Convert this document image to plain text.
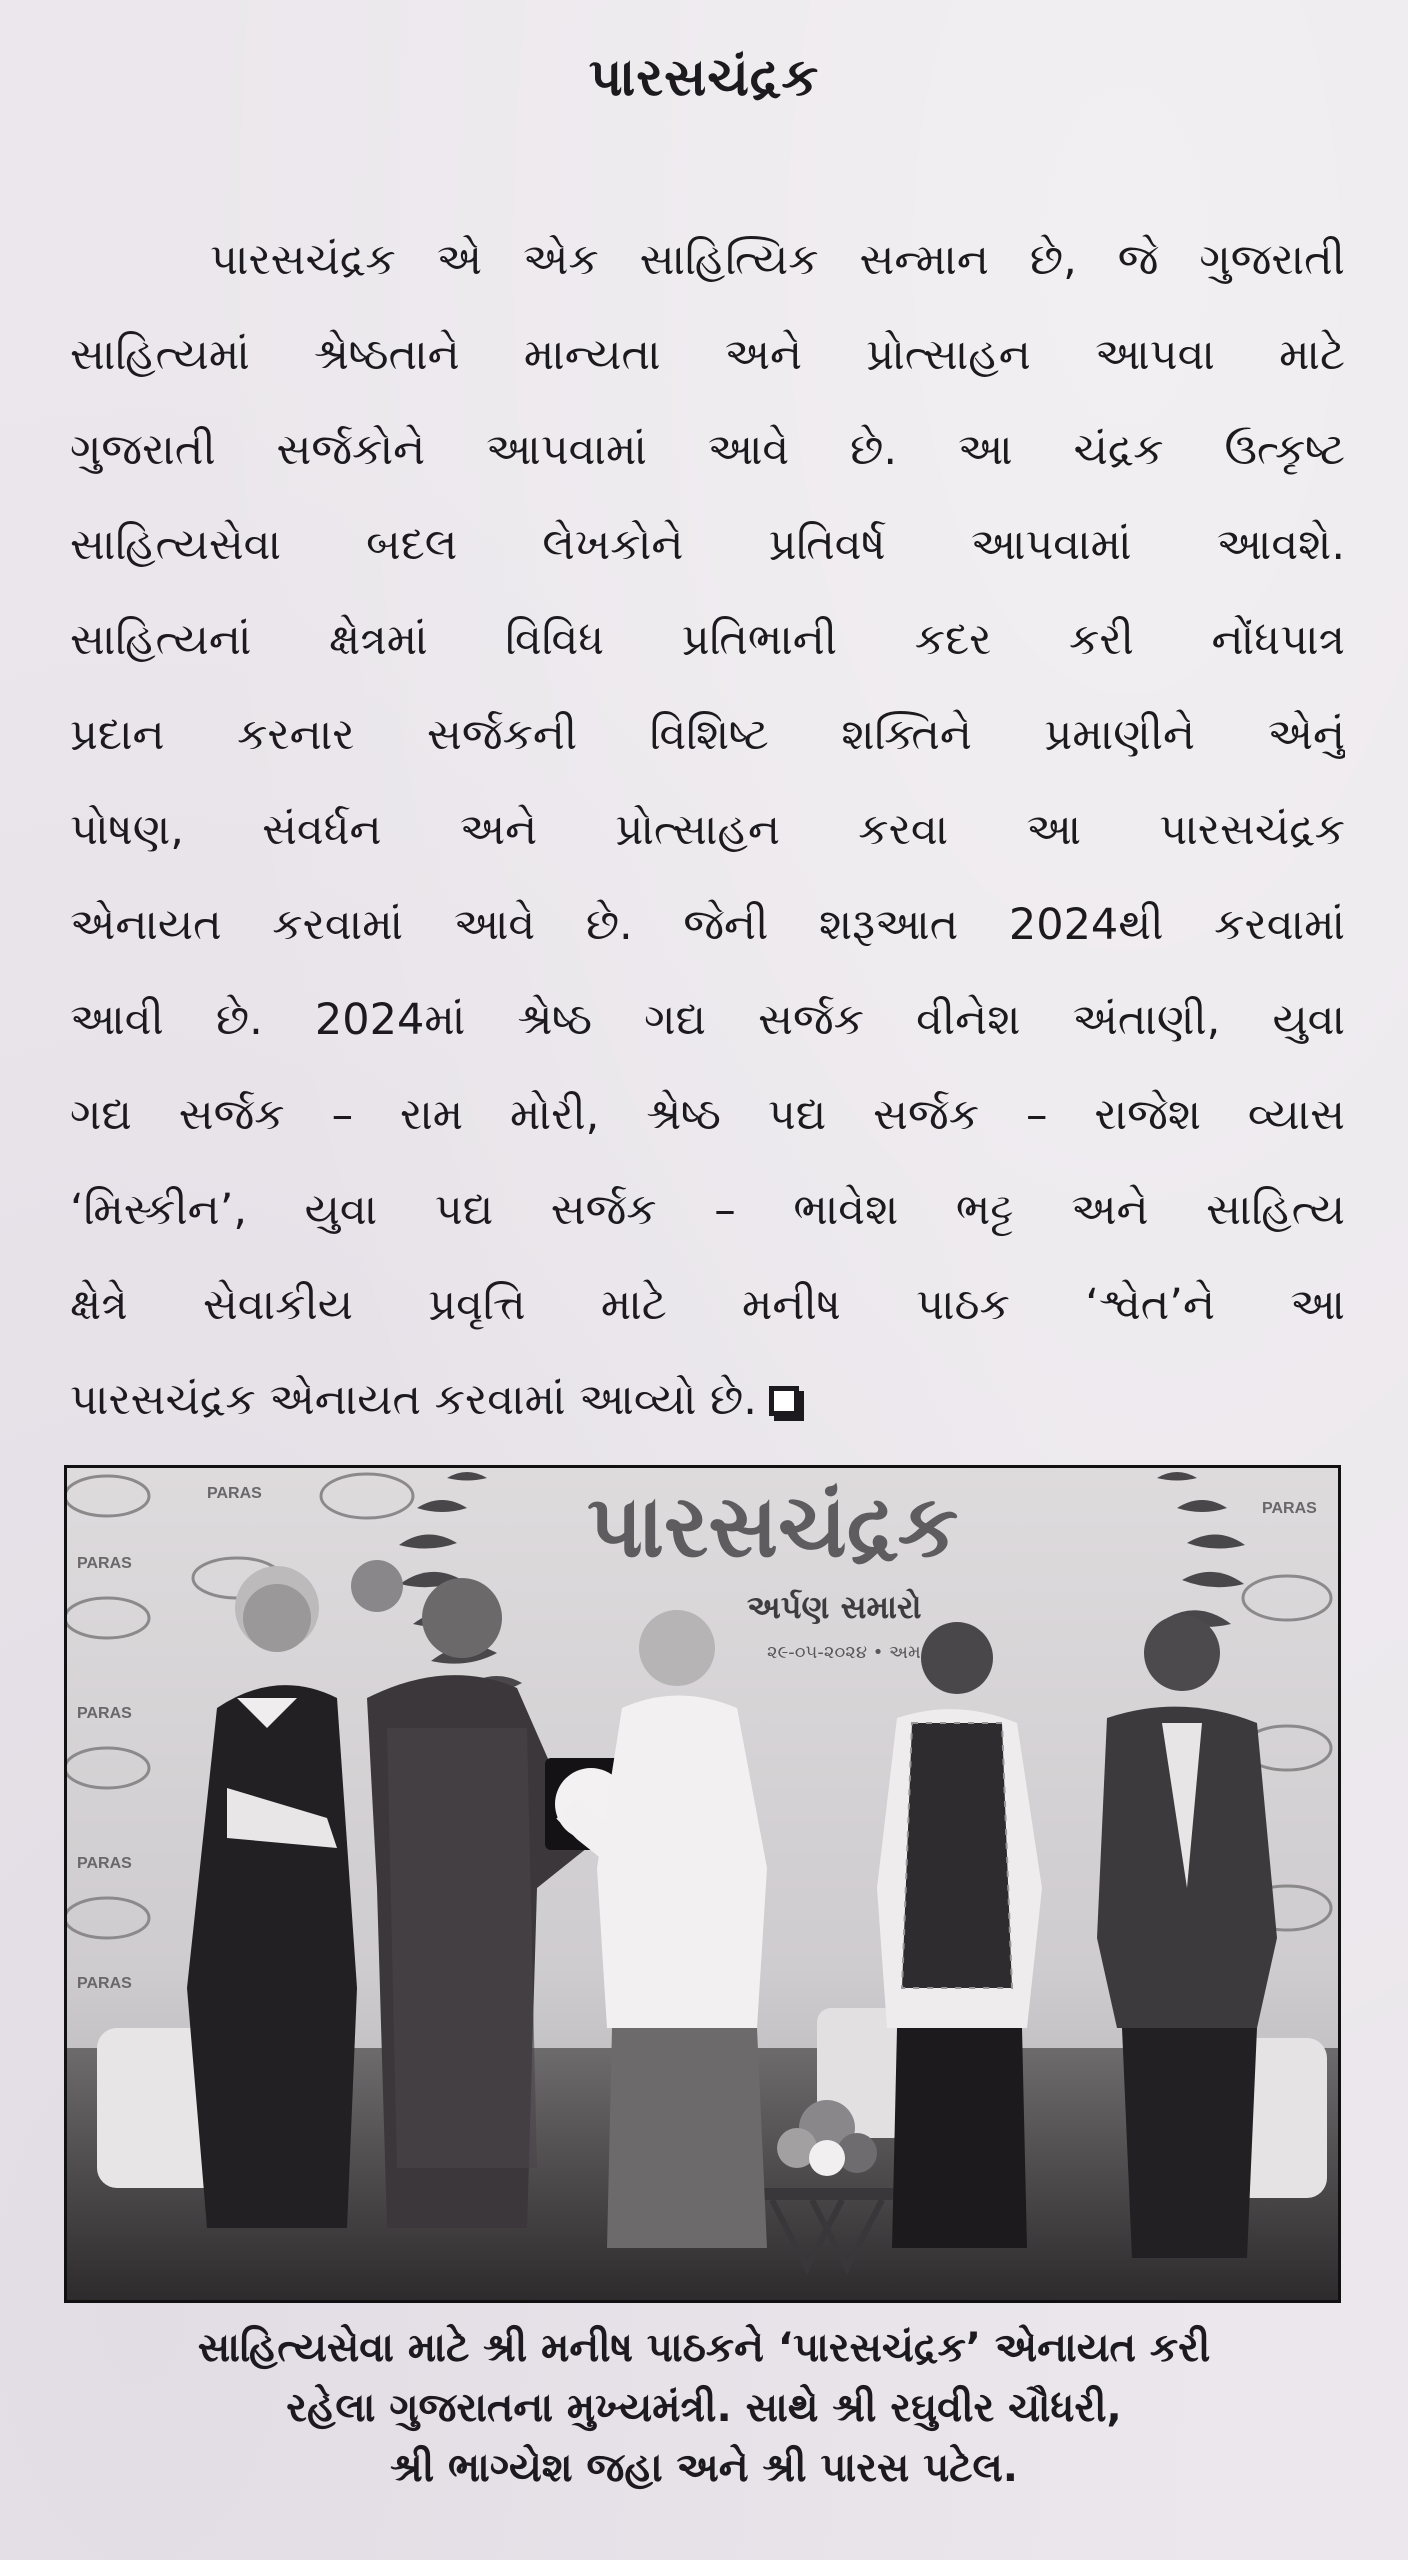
પારસચંદ્રક
પારસચંદ્રક એ એક સાહિત્યિક સન્માન છે, જે ગુજરાતી
સાહિત્યમાં શ્રેષ્ઠતાને માન્યતા અને પ્રોત્સાહન આપવા માટે
ગુજરાતી સર્જકોને આપવામાં આવે છે. આ ચંદ્રક ઉત્કૃષ્ટ
સાહિત્યસેવા બદલ લેખકોને પ્રતિવર્ષ આપવામાં આવશે.
સાહિત્યનાં ક્ષેત્રમાં વિવિધ પ્રતિભાની કદર કરી નોંધપાત્ર
પ્રદાન કરનાર સર્જકની વિશિષ્ટ શક્તિને પ્રમાણીને એનું
પોષણ, સંવર્ધન અને પ્રોત્સાહન કરવા આ પારસચંદ્રક
એનાયત કરવામાં આવે છે. જેની શરૂઆત 2024થી કરવામાં
આવી છે. 2024માં શ્રેષ્ઠ ગદ્ય સર્જક વીનેશ અંતાણી, યુવા
ગદ્ય સર્જક – રામ મોરી, શ્રેષ્ઠ પદ્ય સર્જક – રાજેશ વ્યાસ
‘મિસ્કીન’, યુવા પદ્ય સર્જક – ભાવેશ ભટ્ટ અને સાહિત્ય
ક્ષેત્રે સેવાકીય પ્રવૃત્તિ માટે મનીષ પાઠક ‘શ્વેત’ને આ
પારસચંદ્રક એનાયત કરવામાં આવ્યો છે.
PARAS
PARAS
PARAS
PARAS
PARAS
PARAS
પારસચંદ્રક
અર્પણ સમારો
૨૯-૦૫-૨૦૨૪ • અમ
સાહિત્યસેવા માટે શ્રી મનીષ પાઠકને ‘પારસચંદ્રક’ એનાયત કરી
રહેલા ગુજરાતના મુખ્યમંત્રી. સાથે શ્રી રઘુવીર ચૌધરી,
શ્રી ભાગ્યેશ જહા અને શ્રી પારસ પટેલ.
